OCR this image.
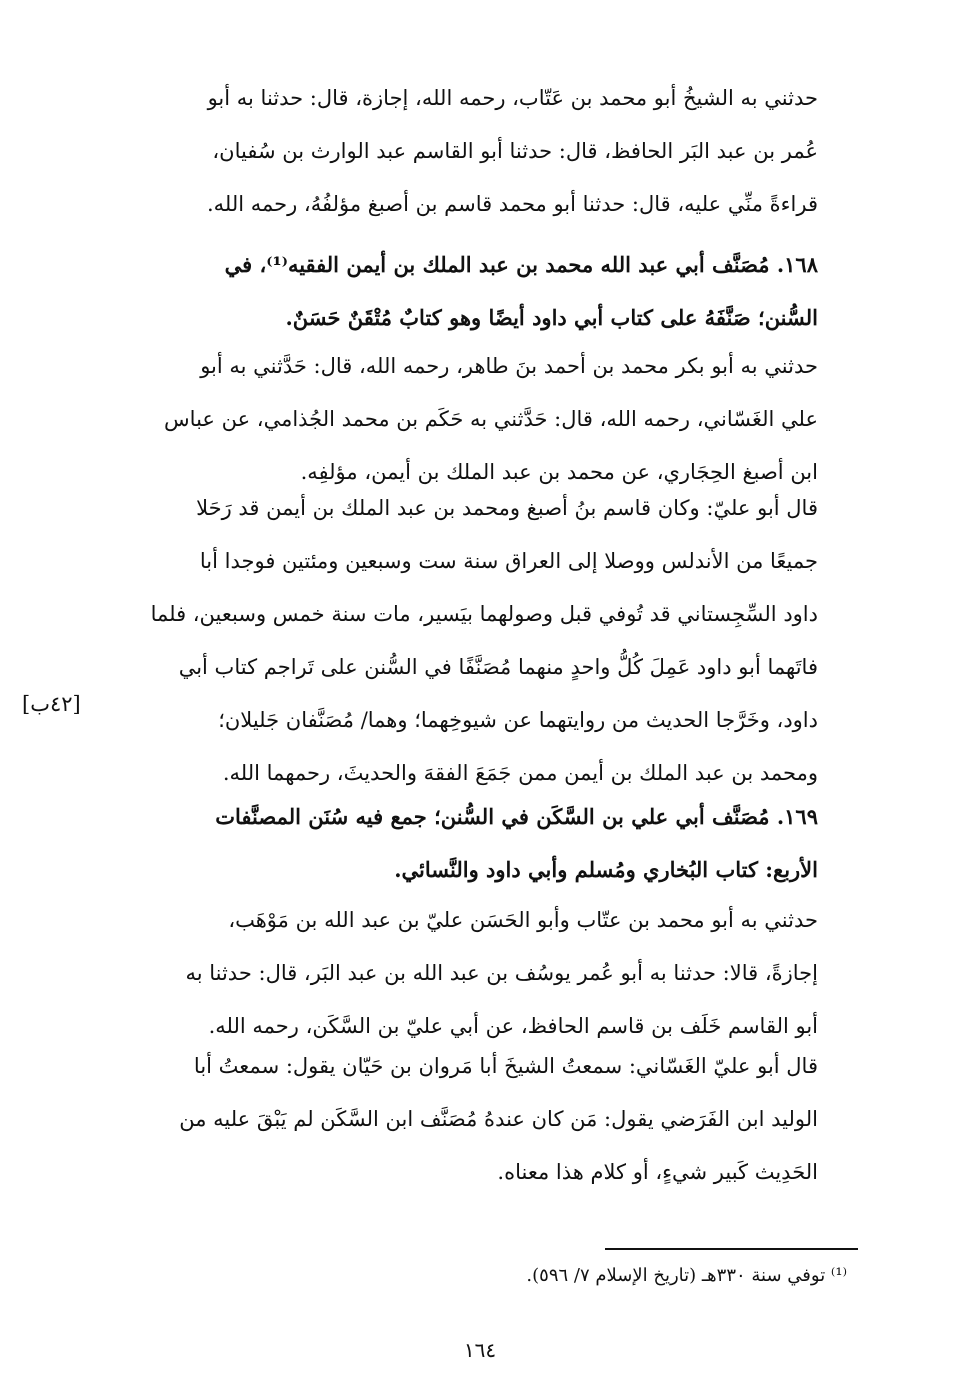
حدثني به الشيخُ أبو محمد بن عَتّاب، رحمه الله، إجازة، قال: حدثنا به أبو
عُمر بن عبد البَر الحافظ، قال: حدثنا أبو القاسم عبد الوارث بن سُفيان،
قراءةً منِّي عليه، قال: حدثنا أبو محمد قاسم بن أصبغ مؤلفُهُ، رحمه الله.
١٦٨. مُصَنَّف أبي عبد الله محمد بن عبد الملك بن أيمن الفقيه⁽¹⁾، في
السُّنن؛ صَنَّفَهُ على كتاب أبي داود أيضًا وهو كتابٌ مُتْقَنٌ حَسَنٌ.
حدثني به أبو بكر محمد بن أحمد بنَ طاهر، رحمه الله، قال: حَدَّثني به أبو
علي الغَسّاني، رحمه الله، قال: حَدَّثني به حَكَم بن محمد الجُذامي، عن عباس
ابن أصبغ الحِجَاري، عن محمد بن عبد الملك بن أيمن، مؤلفِه.
قال أبو عليّ: وكان قاسم بنُ أصبغ ومحمد بن عبد الملك بن أيمن قد رَحَلا
جميعًا من الأندلس ووصلا إلى العراق سنة ست وسبعين ومئتين فوجدا أبا
داود السِّجِستاني قد تُوفي قبل وصولهما بيَسير، مات سنة خمس وسبعين، فلما
فاتَهما أبو داود عَمِلَ كُلُّ واحدٍ منهما مُصَنَّفًا في السُّنن على تَراجم كتاب أبي
داود، وخَرَّجا الحديث من روايتهما عن شيوخِهما؛ وهما/ مُصَنَّفان جَليلان؛
ومحمد بن عبد الملك بن أيمن ممن جَمَعَ الفقهَ والحديثَ، رحمهما الله.
[٤٢ب]
١٦٩. مُصَنَّف أبي علي بن السَّكَن في السُّنن؛ جمع فيه سُنَن المصنَّفات
الأربع: كتاب البُخاري ومُسلم وأبي داود والنَّسائي.
حدثني به أبو محمد بن عتّاب وأبو الحَسَن عليّ بن عبد الله بن مَوْهَب،
إجازةً، قالا: حدثنا به أبو عُمر يوسُف بن عبد الله بن عبد البَر، قال: حدثنا به
أبو القاسم خَلَف بن قاسم الحافظ، عن أبي عليّ بن السَّكَن، رحمه الله.
قال أبو عليّ الغَسّاني: سمعتُ الشيخَ أبا مَروان بن حَيّان يقول: سمعتُ أبا
الوليد ابن الفَرَضي يقول: مَن كان عندهُ مُصَنَّف ابن السَّكَن لم يَبْقَ عليه من
الحَدِيث كَبير شيءٍ، أو كلام هذا معناه.
⁽¹⁾ توفي سنة ٣٣٠هـ (تاريخ الإسلام ٧/ ٥٩٦).
١٦٤
